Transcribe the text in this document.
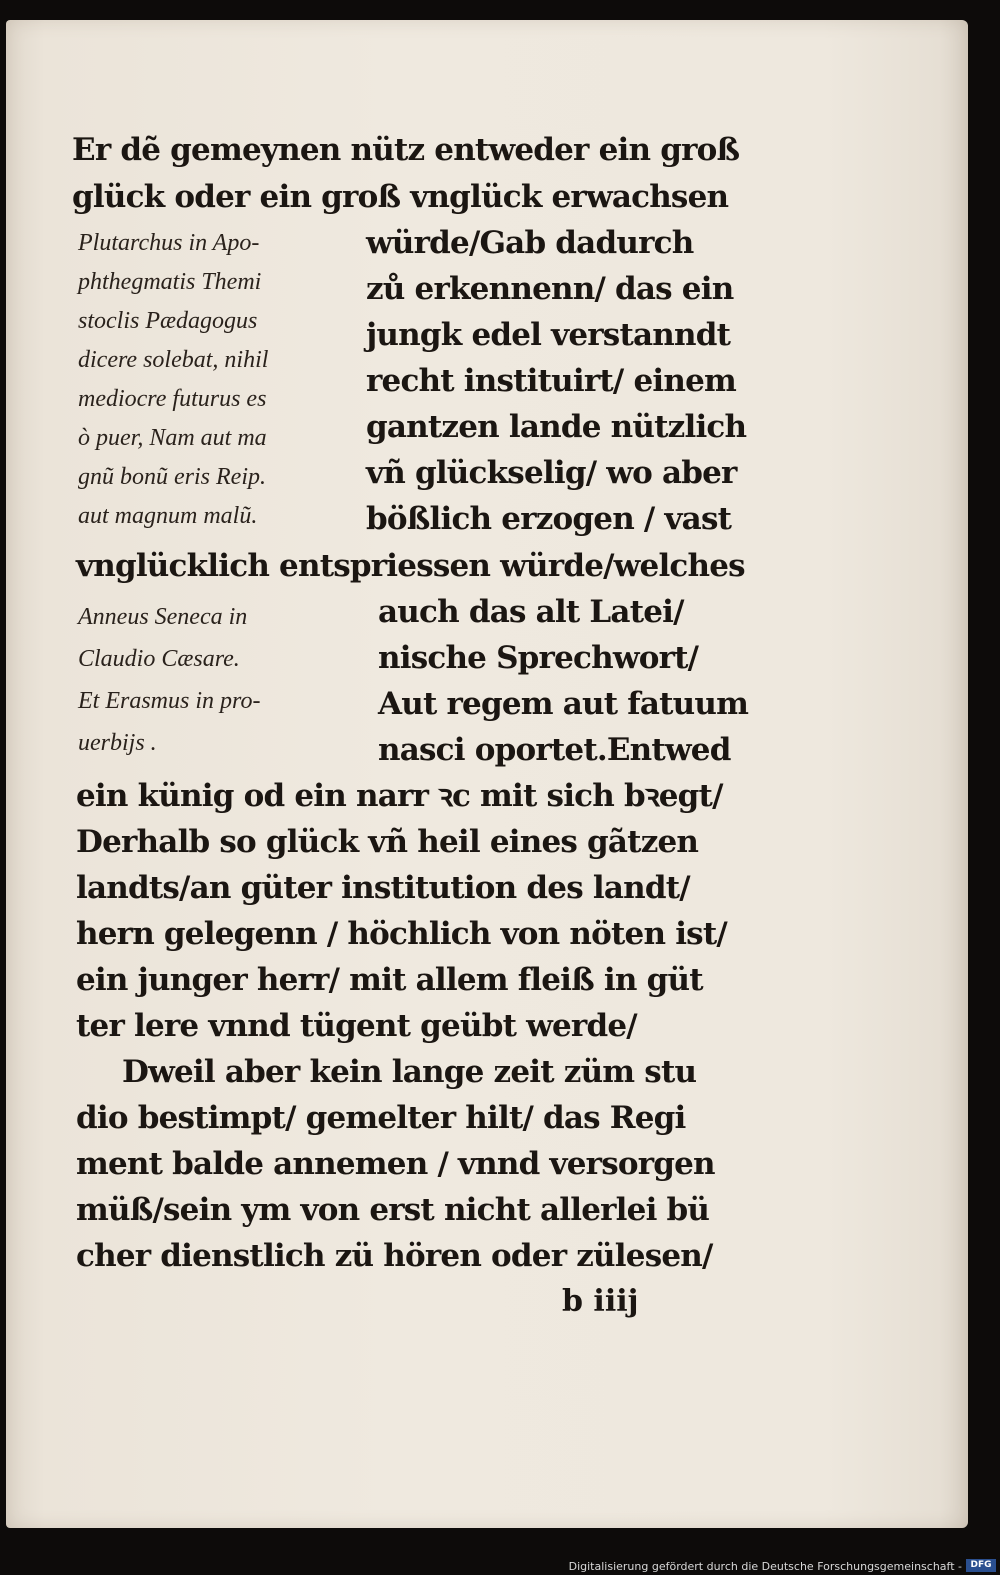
Er dẽ gemeynen nütz entweder ein groß
glück oder ein groß vnglück erwachsen
würde/Gab dadurch
zů erkennenn/ das ein
jungk edel verstanndt
recht instituirt/ einem
gantzen lande nützlich
vñ glückselig/ wo aber
bößlich erzogen / vast
Plutarchus in Apo-
phthegmatis Themi
stoclis Pædagogus
dicere solebat, nihil
mediocre futurus es
ò puer, Nam aut ma
gnũ bonũ eris Reip.
aut magnum malũ.
vnglücklich entspriessen würde/welches
auch das alt Latei/
nische Sprechwort/
Aut regem aut fatuum
nasci oportet.Entwed
Anneus Seneca in
Claudio Cæsare.
Et Erasmus in pro-
uerbijs .
ein künig od ein narr ꝛc mit sich bꝛegt/
Derhalb so glück vñ heil eines gãtzen
landts/an güter institution des landt/
hern gelegenn / höchlich von nöten ist/
ein junger herr/ mit allem fleiß in güt
ter lere vnnd tügent geübt werde/
Dweil aber kein lange zeit züm stu
dio bestimpt/ gemelter hilt/ das Regi
ment balde annemen / vnnd versorgen
müß/sein ym von erst nicht allerlei bü
cher dienstlich zü hören oder zülesen/
b iiij
Digitalisierung gefördert durch die Deutsche Forschungsgemeinschaft - DFG
